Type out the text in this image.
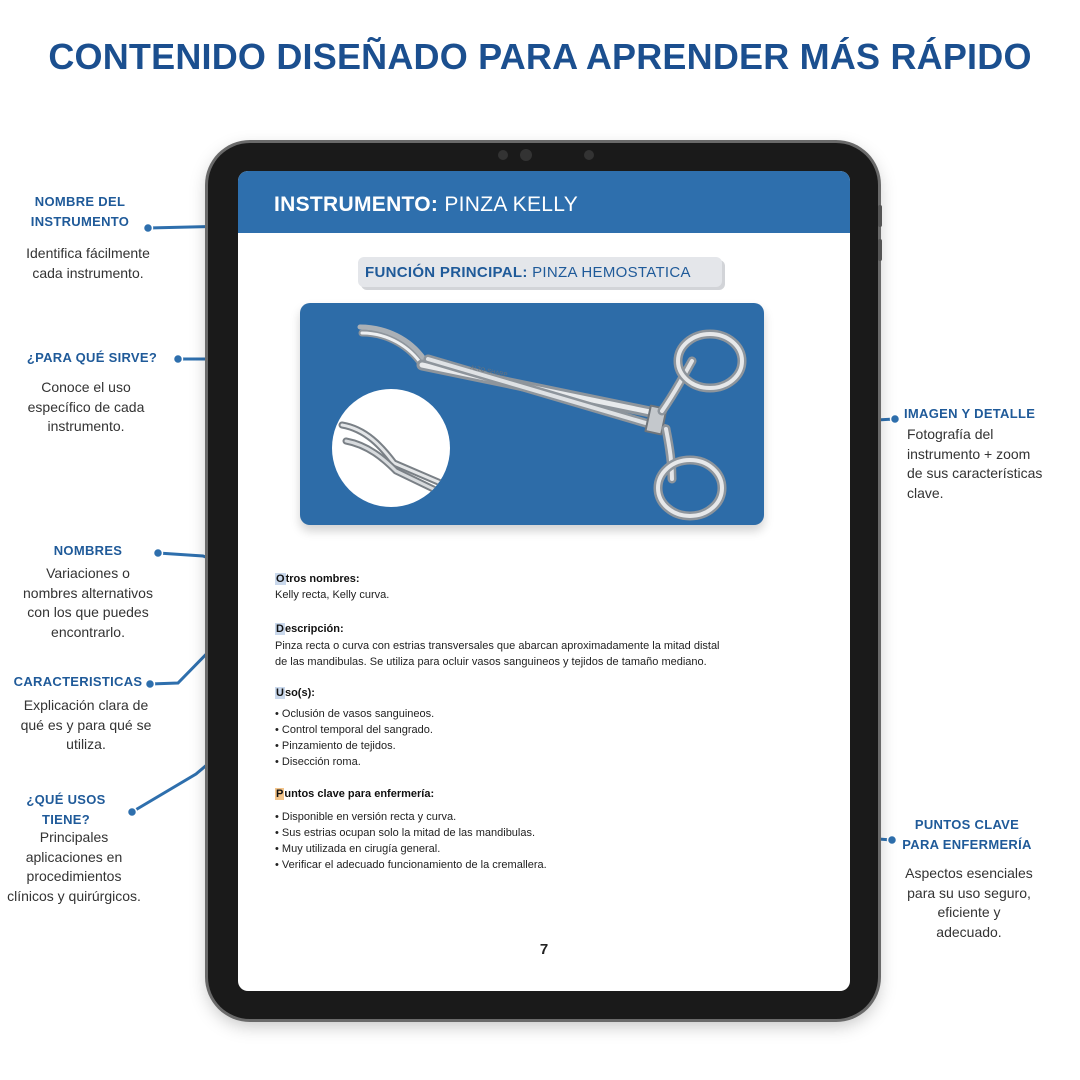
CONTENIDO DISEÑADO PARA APRENDER MÁS RÁPIDO
INSTRUMENTO: PINZA KELLY
FUNCIÓN PRINCIPAL: PINZA HEMOSTATICA
ALTO-SHARP
Otros nombres:
Kelly recta, Kelly curva.
Descripción:
Pinza recta o curva con estrias transversales que abarcan aproximadamente la mitad distal
de las mandibulas. Se utiliza para ocluir vasos sanguineos y tejidos de tamaño mediano.
Uso(s):
• Oclusión de vasos sanguineos.
• Control temporal del sangrado.
• Pinzamiento de tejidos.
• Disección roma.
Puntos clave para enfermería:
• Disponible en versión recta y curva.
• Sus estrias ocupan solo la mitad de las mandibulas.
• Muy utilizada en cirugía general.
• Verificar el adecuado funcionamiento de la cremallera.
7
NOMBRE DEL
INSTRUMENTO
Identifica fácilmente
cada instrumento.
¿PARA QUÉ SIRVE?
Conoce el uso
específico de cada
instrumento.
NOMBRES
Variaciones o
nombres alternativos
con los que puedes
encontrarlo.
CARACTERISTICAS
Explicación clara de
qué es y para qué se
utiliza.
¿QUÉ USOS
TIENE?
Principales
aplicaciones en
procedimientos
clínicos y quirúrgicos.
IMAGEN Y DETALLE
Fotografía del
instrumento + zoom
de sus características
clave.
PUNTOS CLAVE
PARA ENFERMERÍA
Aspectos esenciales
para su uso seguro,
eficiente y
adecuado.
